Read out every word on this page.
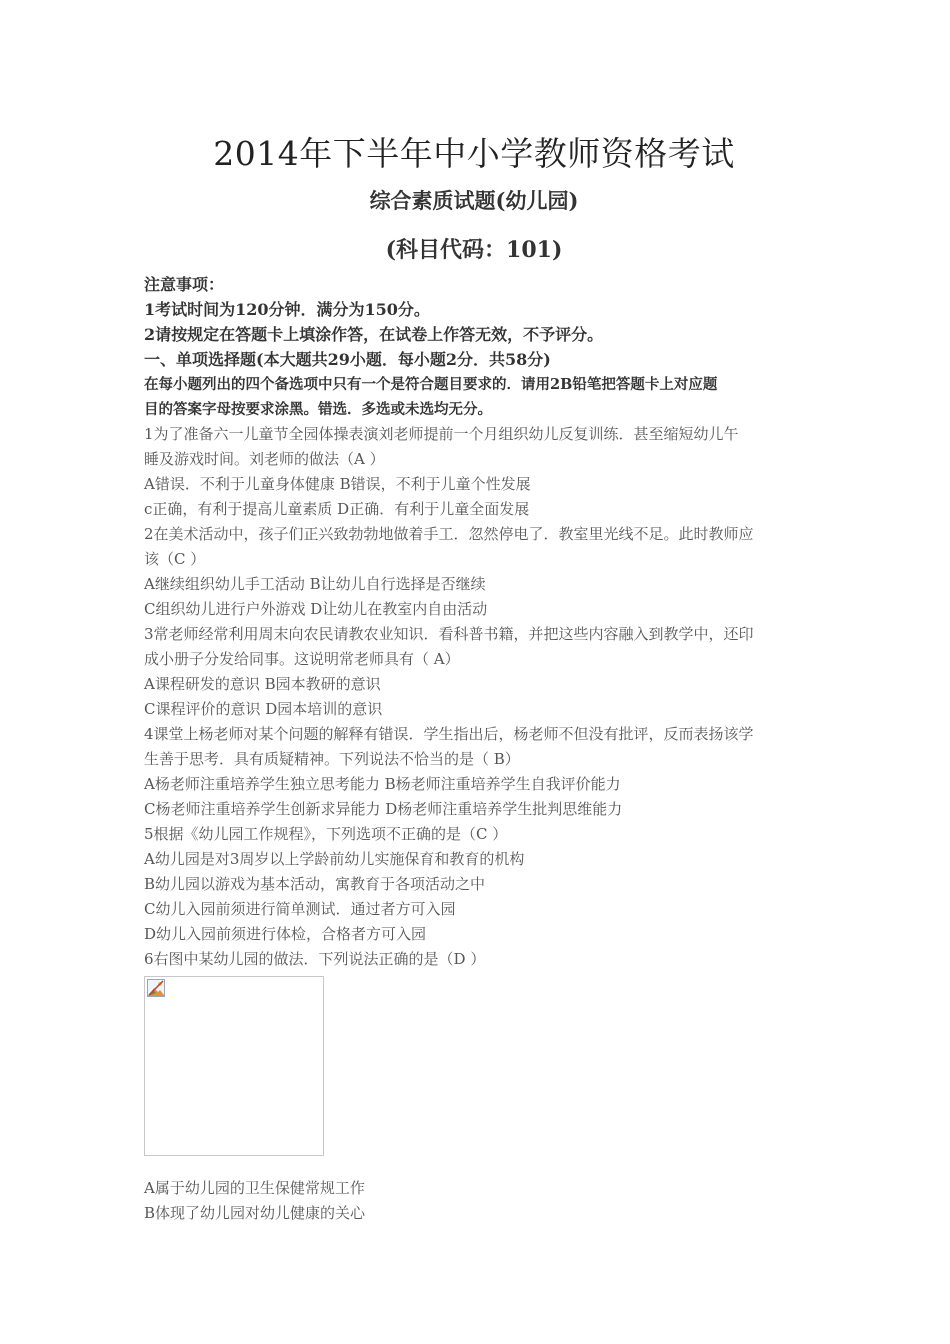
2014年下半年中小学教师资格考试
综合素质试题(幼儿园)
(科目代码：101)
注意事项：
1考试时间为120分钟．满分为150分。
2请按规定在答题卡上填涂作答，在试卷上作答无效，不予评分。
一、单项选择题(本大题共29小题．每小题2分．共58分)
在每小题列出的四个备选项中只有一个是符合题目要求的．请用2B铅笔把答题卡上对应题
目的答案字母按要求涂黑。错选．多选或未选均无分。
1为了准备六一儿童节全园体操表演刘老师提前一个月组织幼儿反复训练．甚至缩短幼儿午
睡及游戏时间。刘老师的做法（A ）
A错误．不利于儿童身体健康 B错误，不利于儿童个性发展
c正确，有利于提高儿童素质 D正确．有利于儿童全面发展
2在美术活动中，孩子们正兴致勃勃地做着手工．忽然停电了．教室里光线不足。此时教师应
该（C ）
A继续组织幼儿手工活动 B让幼儿自行选择是否继续
C组织幼儿进行户外游戏 D让幼儿在教室内自由活动
3常老师经常利用周末向农民请教农业知识．看科普书籍，并把这些内容融入到教学中，还印
成小册子分发给同事。这说明常老师具有（ A）
A课程研发的意识 B园本教研的意识
C课程评价的意识 D园本培训的意识
4课堂上杨老师对某个问题的解释有错误．学生指出后，杨老师不但没有批评，反而表扬该学
生善于思考．具有质疑精神。下列说法不恰当的是（ B）
A杨老师注重培养学生独立思考能力 B杨老师注重培养学生自我评价能力
C杨老师注重培养学生创新求异能力 D杨老师注重培养学生批判思维能力
5根据《幼儿园工作规程》，下列选项不正确的是（C ）
A幼儿园是对3周岁以上学龄前幼儿实施保育和教育的机构
B幼儿园以游戏为基本活动，寓教育于各项活动之中
C幼儿入园前须进行简单测试．通过者方可入园
D幼儿入园前须进行体检，合格者方可入园
6右图中某幼儿园的做法．下列说法正确的是（D ）
A属于幼儿园的卫生保健常规工作
B体现了幼儿园对幼儿健康的关心
